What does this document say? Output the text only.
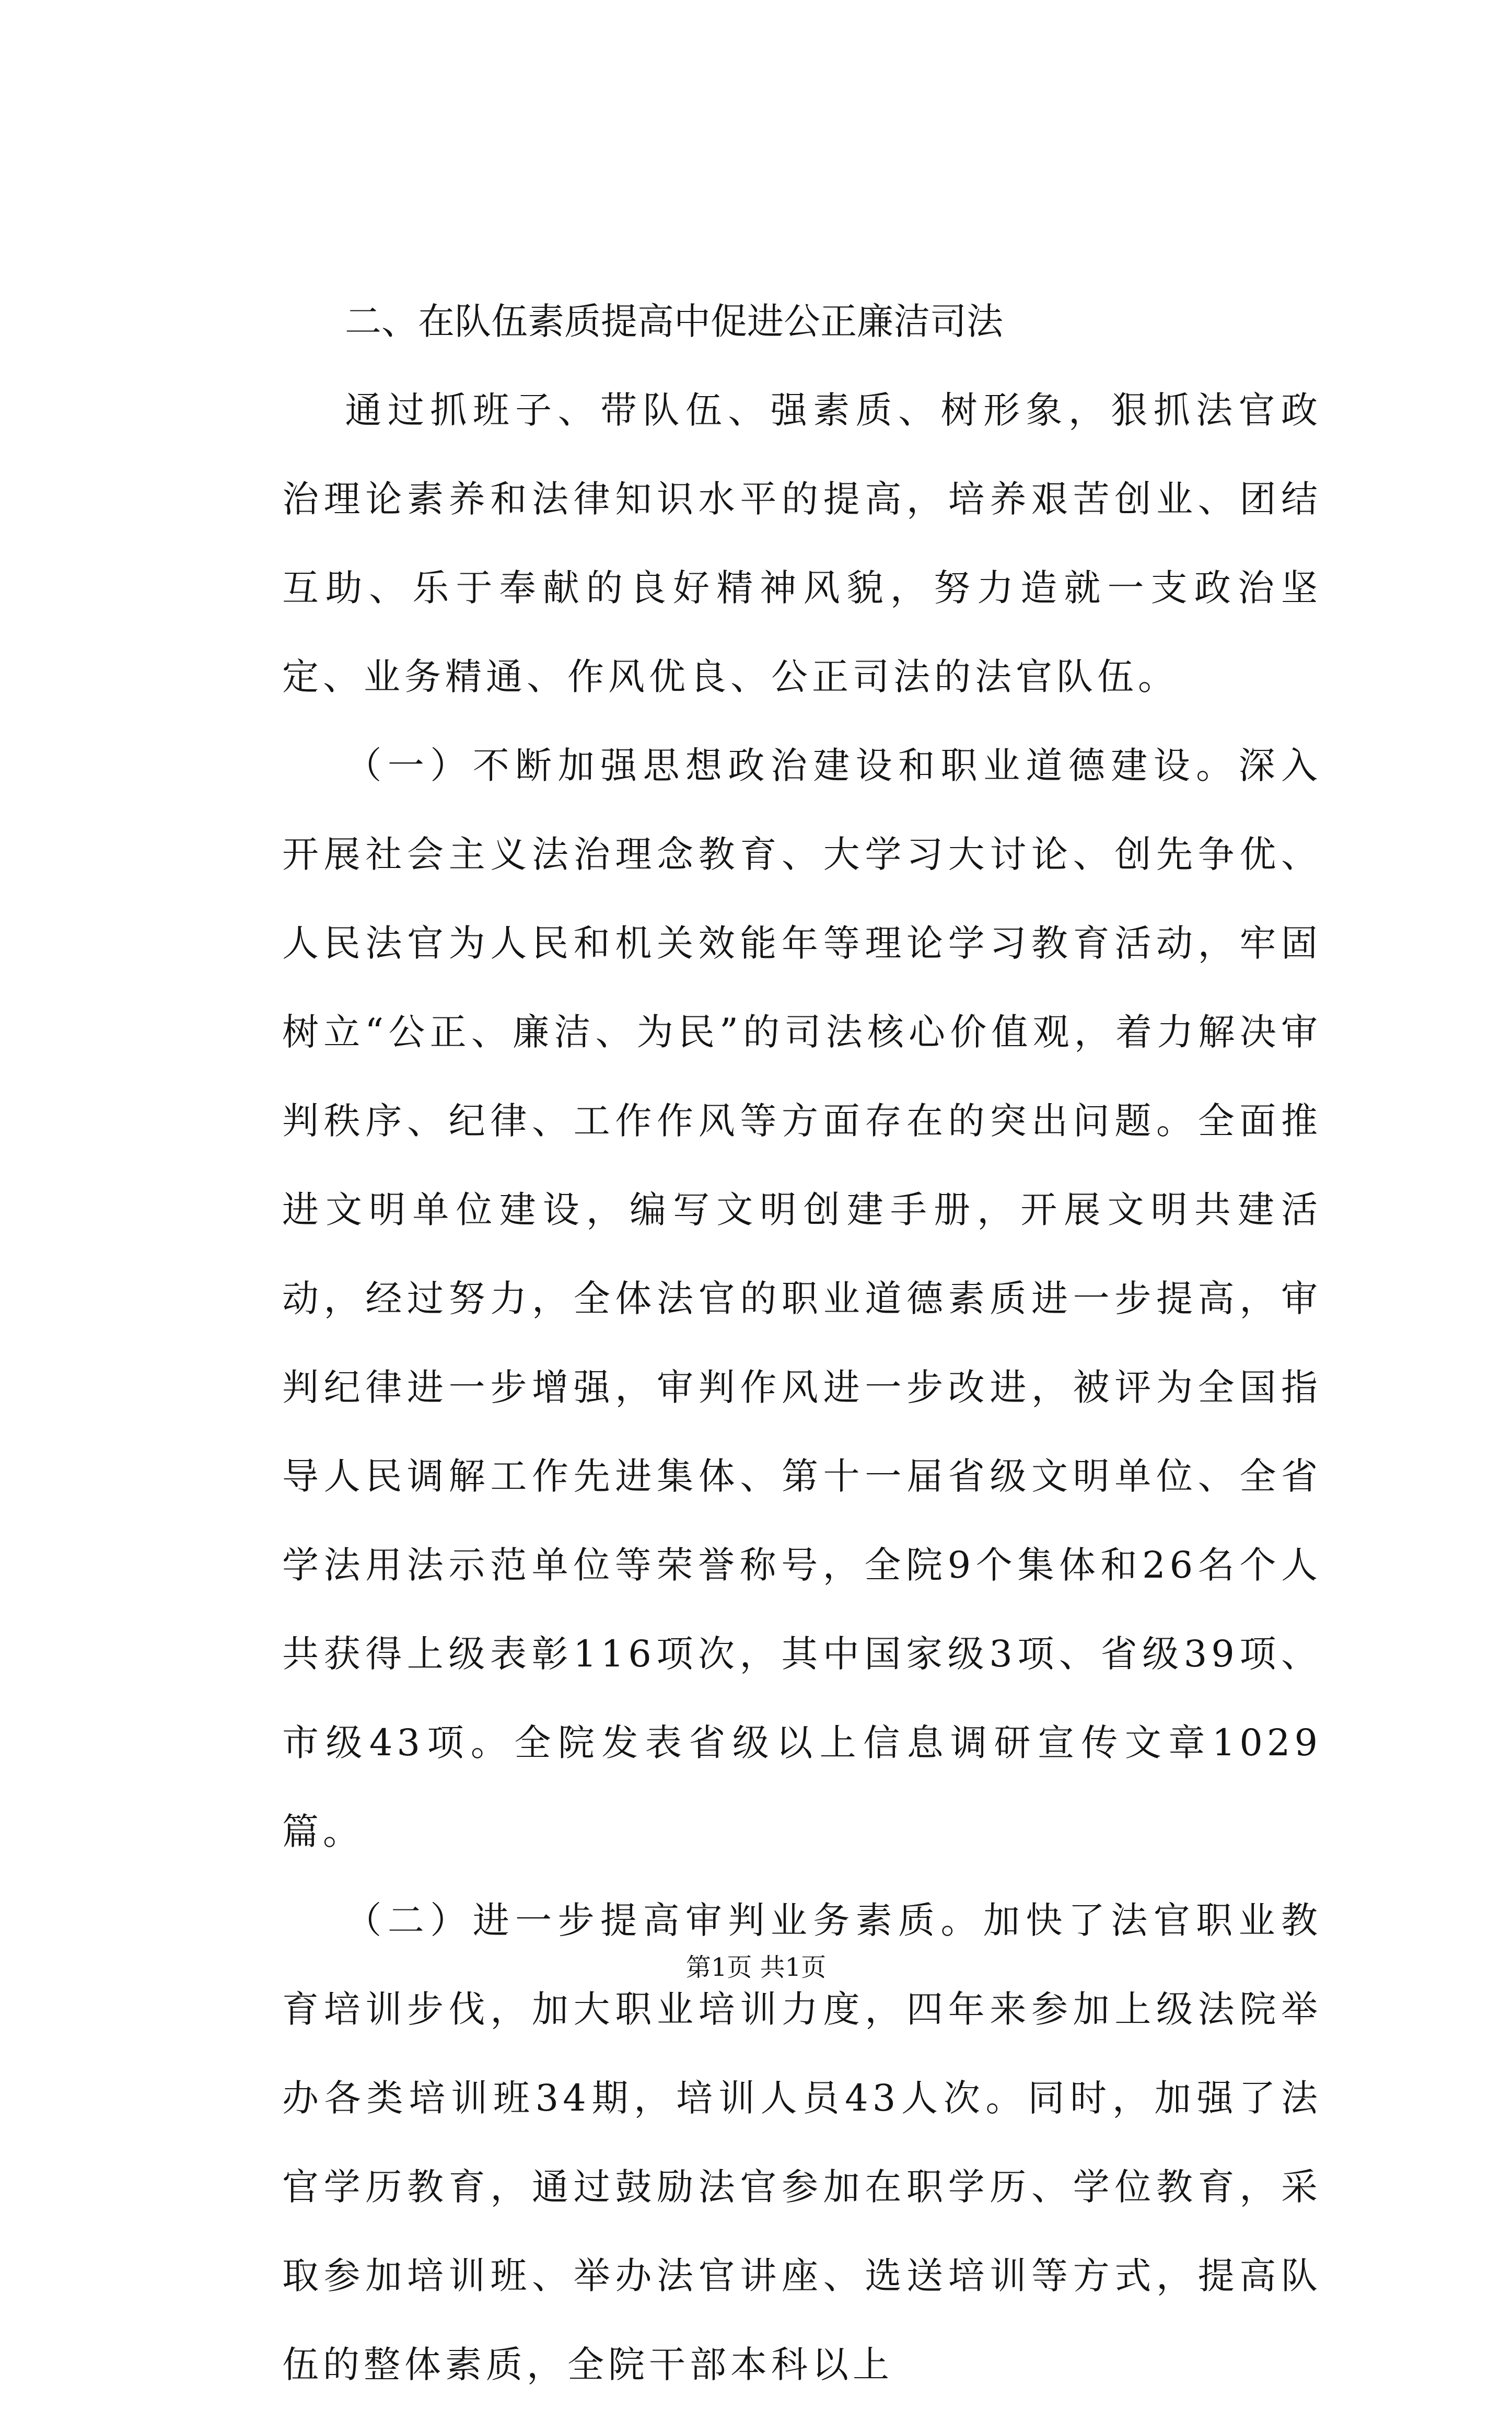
二、在队伍素质提高中促进公正廉洁司法

通过抓班子、带队伍、强素质、树形象，狠抓法官政治理论素养和法律知识水平的提高，培养艰苦创业、团结互助、乐于奉献的良好精神风貌，努力造就一支政治坚定、业务精通、作风优良、公正司法的法官队伍。

（一）不断加强思想政治建设和职业道德建设。深入开展社会主义法治理念教育、大学习大讨论、创先争优、人民法官为人民和机关效能年等理论学习教育活动，牢固树立“公正、廉洁、为民”的司法核心价值观，着力解决审判秩序、纪律、工作作风等方面存在的突出问题。全面推进文明单位建设，编写文明创建手册，开展文明共建活动，经过努力，全体法官的职业道德素质进一步提高，审判纪律进一步增强，审判作风进一步改进，被评为全国指导人民调解工作先进集体、第十一届省级文明单位、全省学法用法示范单位等荣誉称号，全院9个集体和26名个人共获得上级表彰116项次，其中国家级3项、省级39项、市级43项。全院发表省级以上信息调研宣传文章1029篇。

（二）进一步提高审判业务素质。加快了法官职业教育培训步伐，加大职业培训力度，四年来参加上级法院举办各类培训班34期，培训人员43人次。同时，加强了法官学历教育，通过鼓励法官参加在职学历、学位教育，采取参加培训班、举办法官讲座、选送培训等方式，提高队伍的整体素质，全院干部本科以上

第1页 共1页
